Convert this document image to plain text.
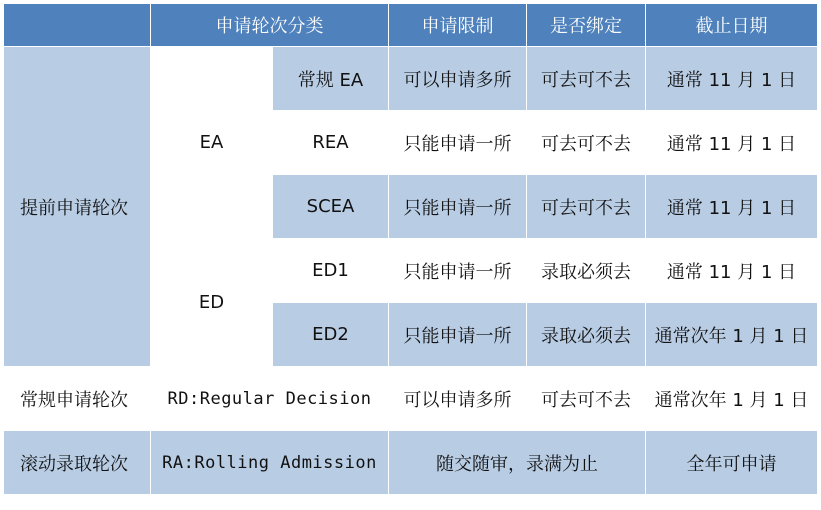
	申请轮次分类		申请限制	是否绑定	截止日期
提前申请轮次	EA	常规 EA	可以申请多所	可去可不去	通常 11 月 1 日
		REA	只能申请一所	可去可不去	通常 11 月 1 日
		SCEA	只能申请一所	可去可不去	通常 11 月 1 日
	ED	ED1	只能申请一所	录取必须去	通常 11 月 1 日
		ED2	只能申请一所	录取必须去	通常次年 1 月 1 日
常规申请轮次	RD:Regular Decision		可以申请多所	可去可不去	通常次年 1 月 1 日
滚动录取轮次	RA:Rolling Admission		随交随审，录满为止		全年可申请
